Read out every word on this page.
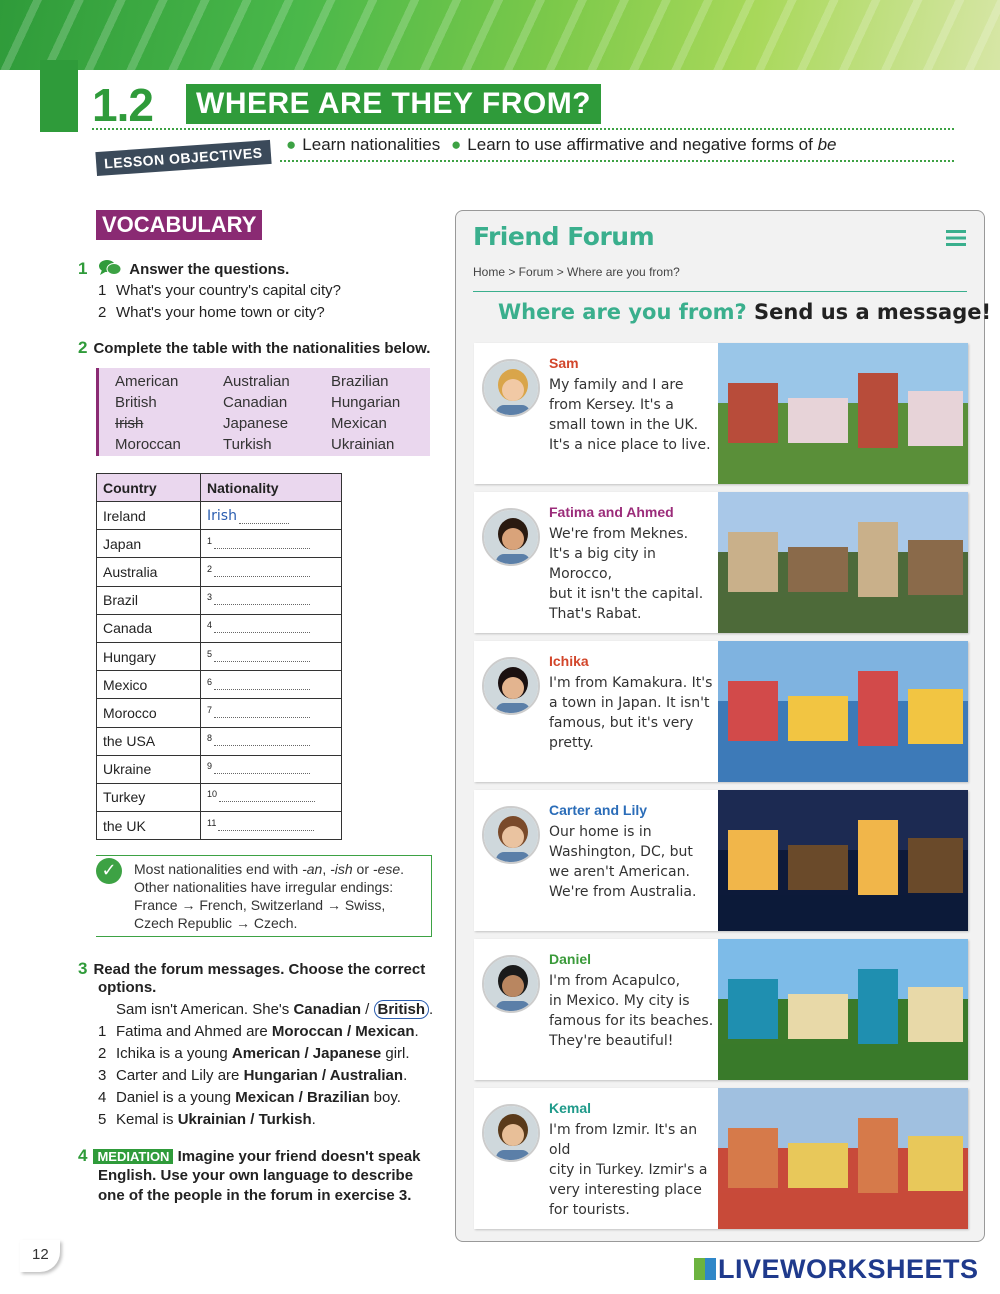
1.2	WHERE ARE THEY FROM?
LESSON OBJECTIVES	● Learn nationalities ● Learn to use affirmative and negative forms of be
VOCABULARY
1	Answer the questions.
1 What's your country's capital city?
2 What's your home town or city?
2 Complete the table with the nationalities below.
American	Australian	Brazilian
British	Canadian	Hungarian
Irish	Japanese	Mexican
Moroccan	Turkish	Ukrainian
Country	Nationality
Ireland	Irish
Japan	$^1$
Australia	$^2$
Brazil	$^3$
Canada	$^4$
Hungary	$^5$
Mexico	$^6$
Morocco	$^7$
the USA	$^8$
Ukraine	$^9$
Turkey	$^{10}$
the UK	$^{11}$
✓	Most nationalities end with -an, -ish or -ese.
Other nationalities have irregular endings:
France → French, Switzerland → Swiss,
Czech Republic → Czech.
3 Read the forum messages. Choose the correct
options.
Sam isn't American. She's Canadian / British .
1 Fatima and Ahmed are Moroccan / Mexican.
2 Ichika is a young American / Japanese girl.
3 Carter and Lily are Hungarian / Australian.
4 Daniel is a young Mexican / Brazilian boy.
5 Kemal is Ukrainian / Turkish.
4 MEDIATION Imagine your friend doesn't speak
English. Use your own language to describe
one of the people in the forum in exercise 3.
Friend Forum
Home > Forum > Where are you from?
Where are you from? Send us a message!
Sam
My family and I are
from Kersey. It's a
small town in the UK.
It's a nice place to live.
Fatima and Ahmed
We're from Meknes.
It's a big city in Morocco,
but it isn't the capital.
That's Rabat.
Ichika
I'm from Kamakura. It's
a town in Japan. It isn't
famous, but it's very
pretty.
Carter and Lily
Our home is in
Washington, DC, but
we aren't American.
We're from Australia.
Daniel
I'm from Acapulco,
in Mexico. My city is
famous for its beaches.
They're beautiful!
Kemal
I'm from Izmir. It's an old
city in Turkey. Izmir's a
very interesting place
for tourists.
12	LIVEWORKSHEETS
